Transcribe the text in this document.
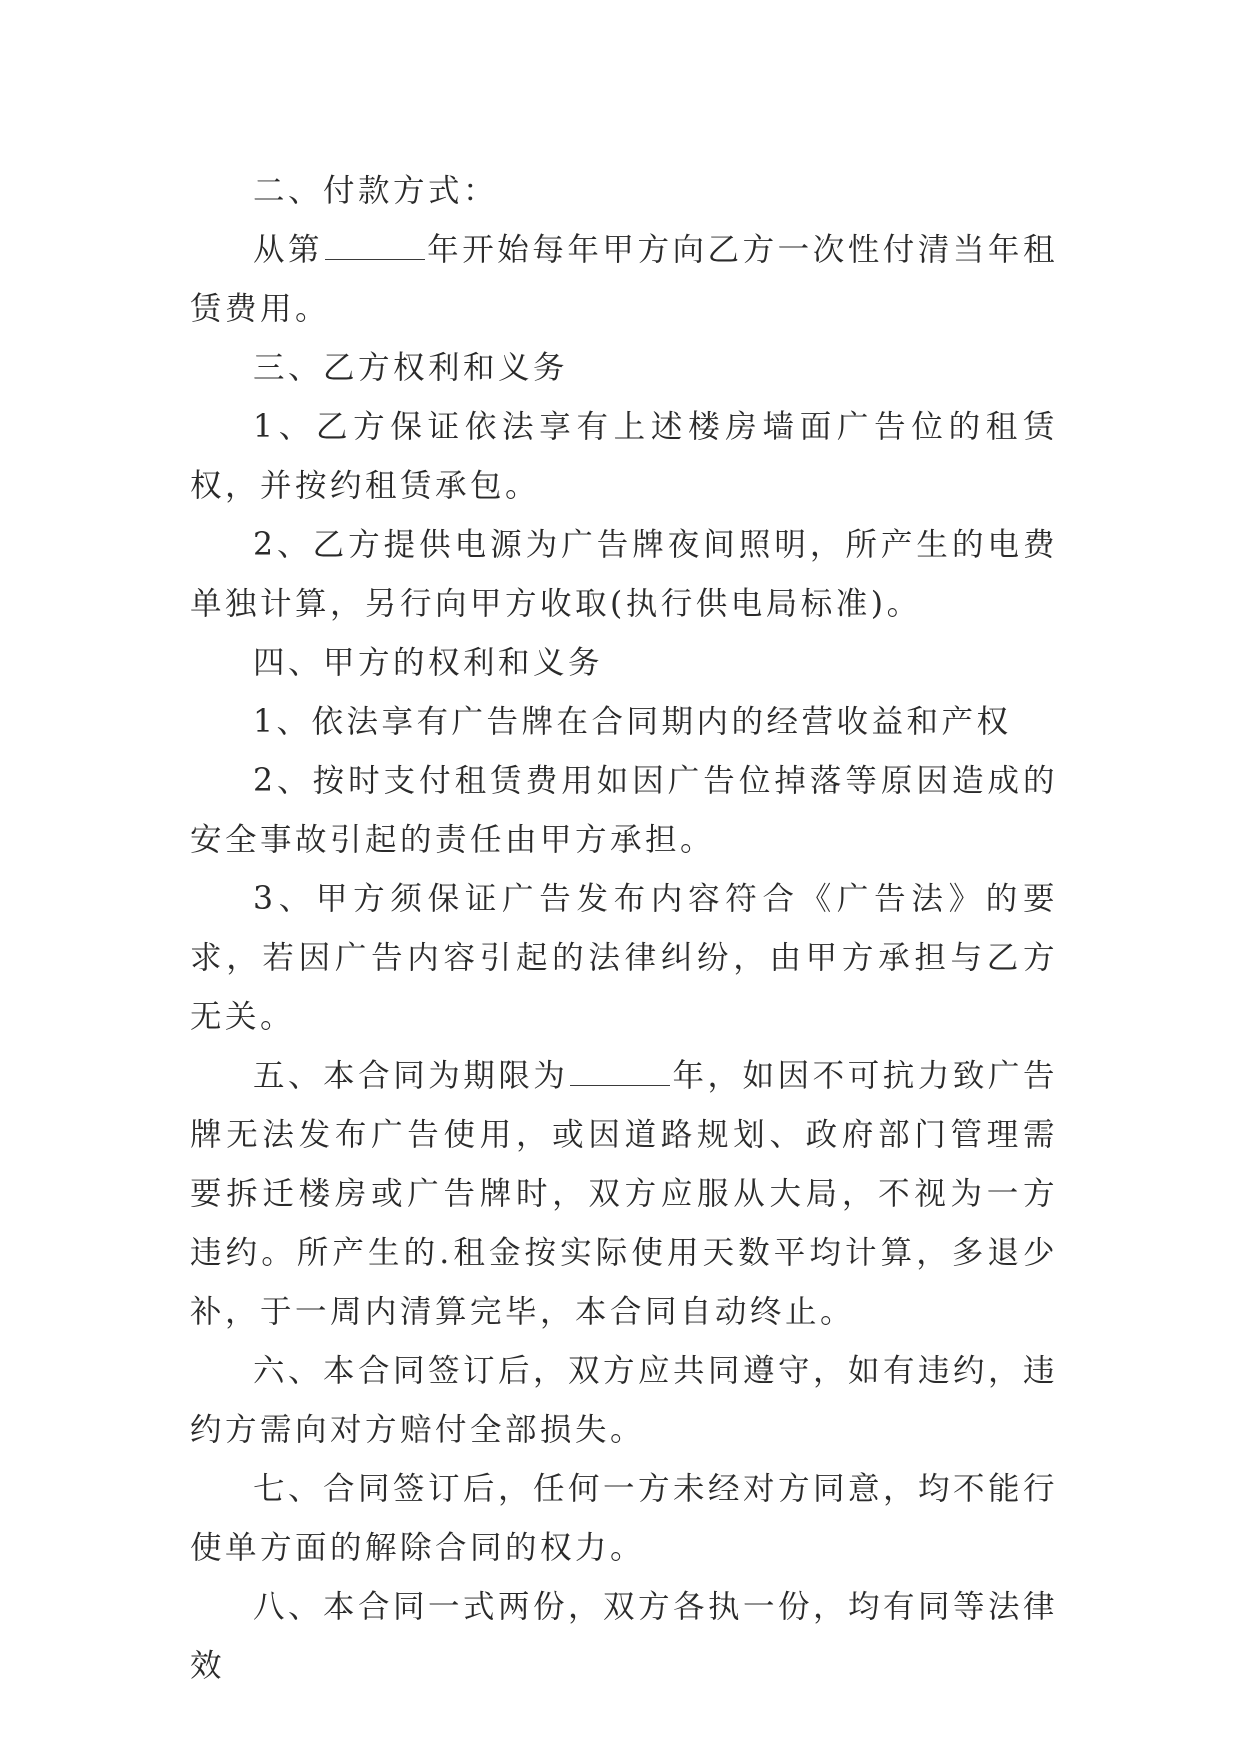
二、付款方式：

从第	年开始每年甲方向乙方一次性付清当年租赁费用。

三、乙方权利和义务

1、乙方保证依法享有上述楼房墙面广告位的租赁权，并按约租赁承包。

2、乙方提供电源为广告牌夜间照明，所产生的电费单独计算，另行向甲方收取(执行供电局标准)。

四、甲方的权利和义务

1、依法享有广告牌在合同期内的经营收益和产权

2、按时支付租赁费用如因广告位掉落等原因造成的安全事故引起的责任由甲方承担。

3、甲方须保证广告发布内容符合《广告法》的要求，若因广告内容引起的法律纠纷，由甲方承担与乙方无关。

五、本合同为期限为	年，如因不可抗力致广告牌无法发布广告使用，或因道路规划、政府部门管理需要拆迁楼房或广告牌时，双方应服从大局，不视为一方违约。所产生的.租金按实际使用天数平均计算，多退少补，于一周内清算完毕，本合同自动终止。

六、本合同签订后，双方应共同遵守，如有违约，违约方需向对方赔付全部损失。

七、合同签订后，任何一方未经对方同意，均不能行使单方面的解除合同的权力。

八、本合同一式两份，双方各执一份，均有同等法律效
